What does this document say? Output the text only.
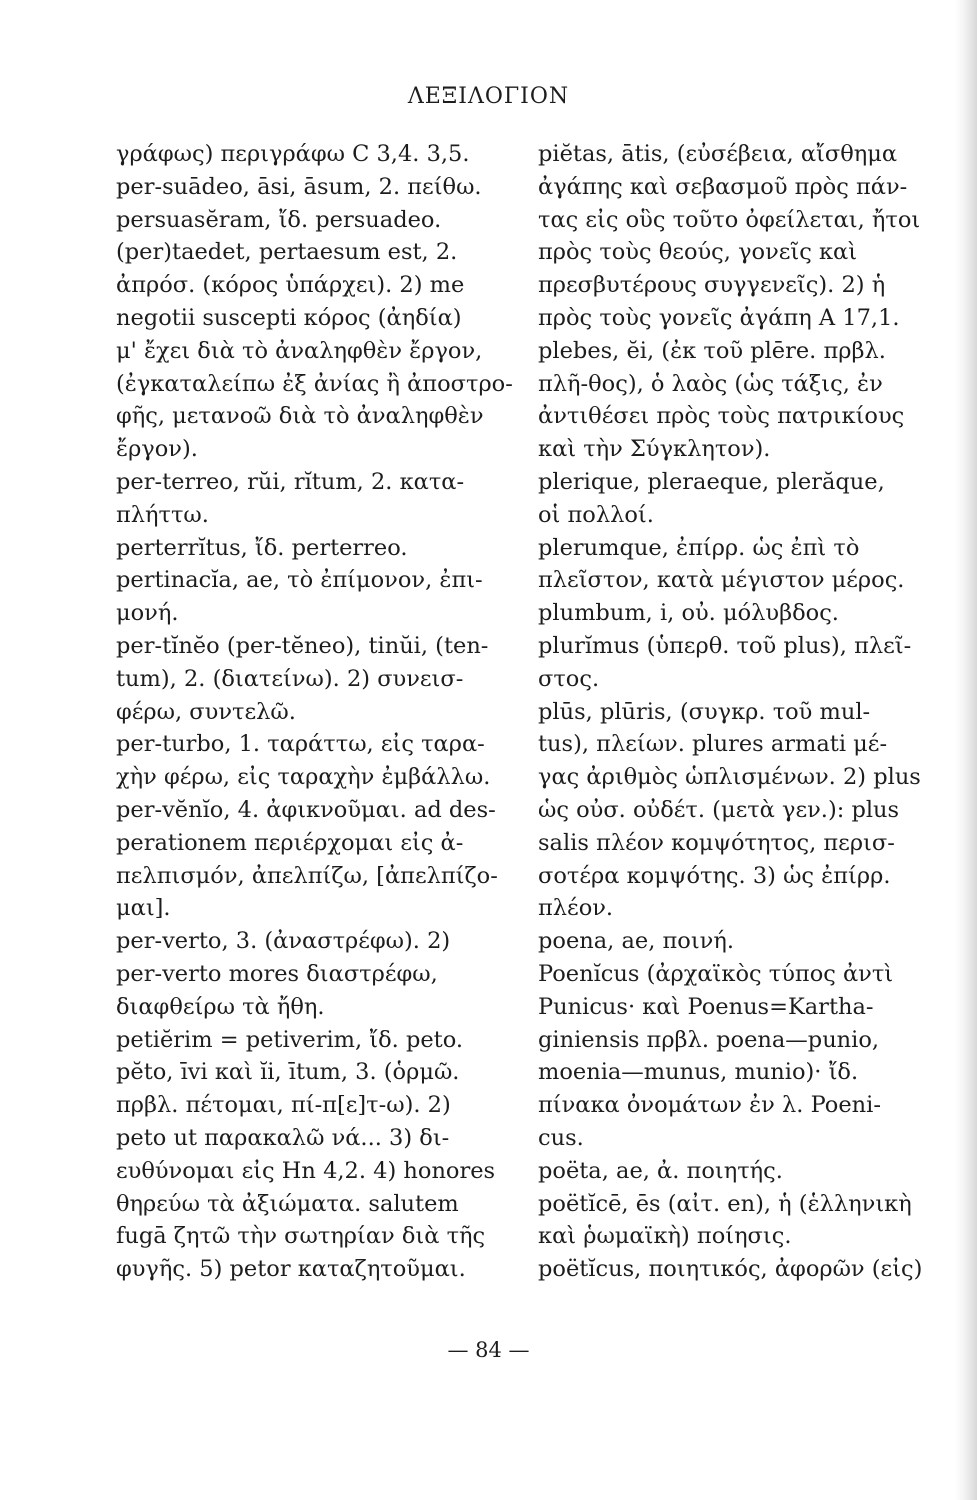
ΛΕΞΙΛΟΓΙΟΝ
γράφως) περιγράφω C 3,4. 3,5.
per-suādeo, āsi, āsum, 2. πείθω.
persuasĕram, ἴδ. persuadeo.
(per)taedet, pertaesum est, 2.
ἀπρόσ. (κόρος ὑπάρχει). 2) me
negotii suscepti κόρος (ἀηδία)
μ' ἔχει διὰ τὸ ἀναληφθὲν ἔργον,
(ἐγκαταλείπω ἐξ ἀνίας ἢ ἀποστρο-
φῆς, μετανοῶ διὰ τὸ ἀναληφθὲν
ἔργον).
per-terreo, rŭi, rĭtum, 2. κατα-
πλήττω.
perterrĭtus, ἴδ. perterreo.
pertinacĭa, ae, τὸ ἐπίμονον, ἐπι-
μονή.
per-tĭnĕo (per-tĕneo), tinŭi, (ten-
tum), 2. (διατείνω). 2) συνεισ-
φέρω, συντελῶ.
per-turbo, 1. ταράττω, εἰς ταρα-
χὴν φέρω, εἰς ταραχὴν ἐμβάλλω.
per-vĕnĭo, 4. ἀφικνοῦμαι. ad des-
perationem περιέρχομαι εἰς ἀ-
πελπισμόν, ἀπελπίζω, [ἀπελπίζο-
μαι].
per-verto, 3. (ἀναστρέφω). 2)
per-verto mores διαστρέφω,
διαφθείρω τὰ ἤθη.
petiĕrim = petiverim, ἴδ. peto.
pĕto, īvi καὶ ĭi, ītum, 3. (ὁρμῶ.
πρβλ. πέτομαι, πί-π[ε]τ-ω). 2)
peto ut παρακαλῶ νά... 3) δι-
ευθύνομαι εἰς Hn 4,2. 4) honores
θηρεύω τὰ ἀξιώματα. salutem
fugā ζητῶ τὴν σωτηρίαν διὰ τῆς
φυγῆς. 5) petor καταζητοῦμαι.
piĕtas, ātis, (εὐσέβεια, αἴσθημα
ἀγάπης καὶ σεβασμοῦ πρὸς πάν-
τας εἰς οὓς τοῦτο ὀφείλεται, ἤτοι
πρὸς τοὺς θεούς, γονεῖς καὶ
πρεσβυτέρους συγγενεῖς). 2) ἡ
πρὸς τοὺς γονεῖς ἀγάπη A 17,1.
plebes, ĕi, (ἐκ τοῦ plēre. πρβλ.
πλῆ-θος), ὁ λαὸς (ὡς τάξις, ἐν
ἀντιθέσει πρὸς τοὺς πατρικίους
καὶ τὴν Σύγκλητον).
plerique, pleraeque, plerăque,
οἱ πολλοί.
plerumque, ἐπίρρ. ὡς ἐπὶ τὸ
πλεῖστον, κατὰ μέγιστον μέρος.
plumbum, i, οὐ. μόλυβδος.
plurĭmus (ὑπερθ. τοῦ plus), πλεῖ-
στος.
plūs, plūris, (συγκρ. τοῦ mul-
tus), πλείων. plures armati μέ-
γας ἀριθμὸς ὡπλισμένων. 2) plus
ὡς οὐσ. οὐδέτ. (μετὰ γεν.): plus
salis πλέον κομψότητος, περισ-
σοτέρα κομψότης. 3) ὡς ἐπίρρ.
πλέον.
poena, ae, ποινή.
Poenĭcus (ἀρχαϊκὸς τύπος ἀντὶ
Punicus· καὶ Poenus=Kartha-
giniensis πρβλ. poena—punio,
moenia—munus, munio)· ἴδ.
πίνακα ὀνομάτων ἐν λ. Poeni-
cus.
poëta, ae, ἀ. ποιητής.
poëtĭcē, ēs (αἰτ. en), ἡ (ἑλληνικὴ
καὶ ῥωμαϊκὴ) ποίησις.
poëtĭcus, ποιητικός, ἀφορῶν (εἰς)
— 84 —
